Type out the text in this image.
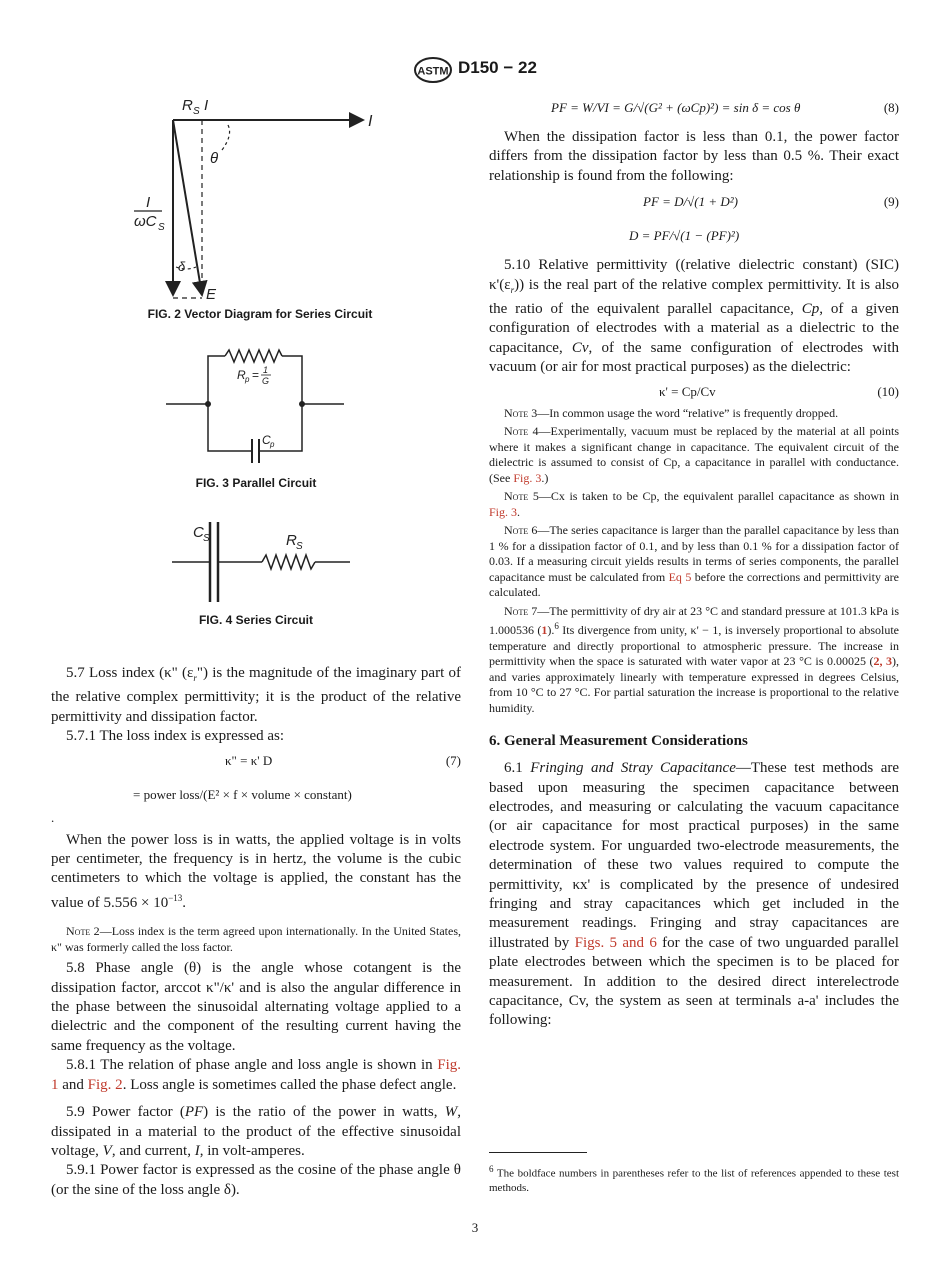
ASTM D150 − 22
R S I
I
θ
δ
E
I
ωC S
FIG. 2 Vector Diagram for Series Circuit
R p = 1
G
C p
FIG. 3 Parallel Circuit
C S	R S
FIG. 4 Series Circuit

5.7 Loss index (κ" $(\varepsilon_r")$ is the magnitude of the imaginary part of the relative complex permittivity; it is the product of the relative permittivity and dissipation factor.

5.7.1 The loss index is expressed as:

κ" = κ' D	(7)
= power loss/(E² × f × volume × constant)
.

When the power loss is in watts, the applied voltage is in volts per centimeter, the frequency is in hertz, the volume is the cubic centimeters to which the voltage is applied, the constant has the value of $5.556 \times 10^{-13}$.

Note 2—Loss index is the term agreed upon internationally. In the United States, κ" was formerly called the loss factor.

5.8 Phase angle (θ) is the angle whose cotangent is the dissipation factor, arccot κ"/κ' and is also the angular difference in the phase between the sinusoidal alternating voltage applied to a dielectric and the component of the resulting current having the same frequency as the voltage.

5.8.1 The relation of phase angle and loss angle is shown in Fig. 1 and Fig. 2. Loss angle is sometimes called the phase defect angle.

5.9 Power factor (PF) is the ratio of the power in watts, W, dissipated in a material to the product of the effective sinusoidal voltage, V, and current, I, in volt-amperes.

5.9.1 Power factor is expressed as the cosine of the phase angle θ (or the sine of the loss angle δ).

PF = W/VI = G/√(G² + (ωCp)²) = sin δ = cos θ	(8)

When the dissipation factor is less than 0.1, the power factor differs from the dissipation factor by less than 0.5 %. Their exact relationship is found from the following:

PF = D/√(1 + D²)	(9)
D = PF/√(1 − (PF)²)

5.10 Relative permittivity ((relative dielectric constant) (SIC) $\kappa'(\varepsilon_r)$) is the real part of the relative complex permittivity. It is also the ratio of the equivalent parallel capacitance, Cp, of a given configuration of electrodes with a material as a dielectric to the capacitance, Cv, of the same configuration of electrodes with vacuum (or air for most practical purposes) as the dielectric:

κ' = Cp/Cv	(10)

Note 3—In common usage the word “relative” is frequently dropped.

Note 4—Experimentally, vacuum must be replaced by the material at all points where it makes a significant change in capacitance. The equivalent circuit of the dielectric is assumed to consist of Cp, a capacitance in parallel with conductance. (See Fig. 3.)

Note 5—Cx is taken to be Cp, the equivalent parallel capacitance as shown in Fig. 3.

Note 6—The series capacitance is larger than the parallel capacitance by less than 1 % for a dissipation factor of 0.1, and by less than 0.1 % for a dissipation factor of 0.03. If a measuring circuit yields results in terms of series components, the parallel capacitance must be calculated from Eq 5 before the corrections and permittivity are calculated.

Note 7—The permittivity of dry air at 23 °C and standard pressure at 101.3 kPa is 1.000536 (1).$^6$ Its divergence from unity, κ' − 1, is inversely proportional to absolute temperature and directly proportional to atmospheric pressure. The increase in permittivity when the space is saturated with water vapor at 23 °C is 0.00025 (2, 3), and varies approximately linearly with temperature expressed in degrees Celsius, from 10 °C to 27 °C. For partial saturation the increase is proportional to the relative humidity.

6. General Measurement Considerations

6.1 Fringing and Stray Capacitance—These test methods are based upon measuring the specimen capacitance between electrodes, and measuring or calculating the vacuum capacitance (or air capacitance for most practical purposes) in the same electrode system. For unguarded two-electrode measurements, the determination of these two values required to compute the permittivity, κx' is complicated by the presence of undesired fringing and stray capacitances which get included in the measurement readings. Fringing and stray capacitances are illustrated by Figs. 5 and 6 for the case of two unguarded parallel plate electrodes between which the specimen is to be placed for measurement. In addition to the desired direct interelectrode capacitance, Cv, the system as seen at terminals a-a' includes the following:

$^6$ The boldface numbers in parentheses refer to the list of references appended to these test methods.
3
